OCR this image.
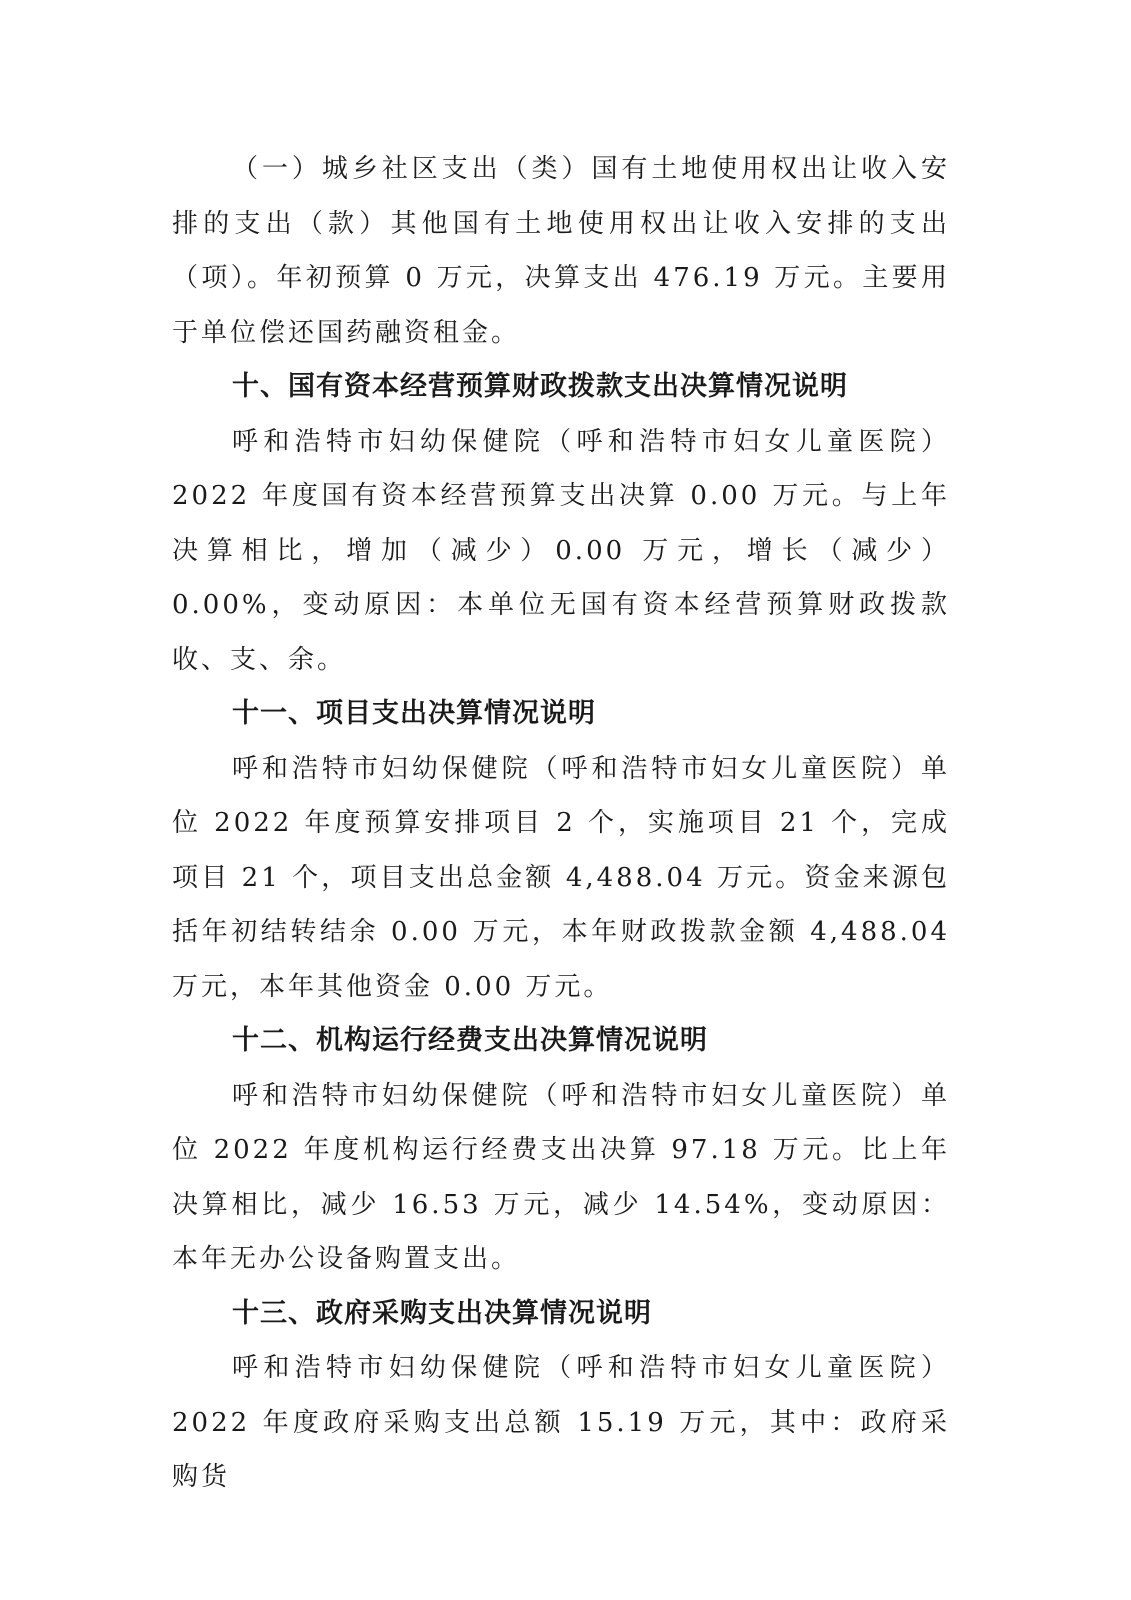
（一）城乡社区支出（类）国有土地使用权出让收入安排的支出（款）其他国有土地使用权出让收入安排的支出（项）。年初预算 0 万元，决算支出 476.19 万元。主要用于单位偿还国药融资租金。

十、国有资本经营预算财政拨款支出决算情况说明

呼和浩特市妇幼保健院（呼和浩特市妇女儿童医院）2022 年度国有资本经营预算支出决算 0.00 万元。与上年决算相比，增加（减少）0.00 万元，增长（减少）0.00%，变动原因：本单位无国有资本经营预算财政拨款收、支、余。

十一、项目支出决算情况说明

呼和浩特市妇幼保健院（呼和浩特市妇女儿童医院）单位 2022 年度预算安排项目 2 个，实施项目 21 个，完成项目 21 个，项目支出总金额 4,488.04 万元。资金来源包括年初结转结余 0.00 万元，本年财政拨款金额 4,488.04 万元，本年其他资金 0.00 万元。

十二、机构运行经费支出决算情况说明

呼和浩特市妇幼保健院（呼和浩特市妇女儿童医院）单位 2022 年度机构运行经费支出决算 97.18 万元。比上年决算相比，减少 16.53 万元，减少 14.54%，变动原因：本年无办公设备购置支出。

十三、政府采购支出决算情况说明

呼和浩特市妇幼保健院（呼和浩特市妇女儿童医院）2022 年度政府采购支出总额 15.19 万元，其中：政府采购货
